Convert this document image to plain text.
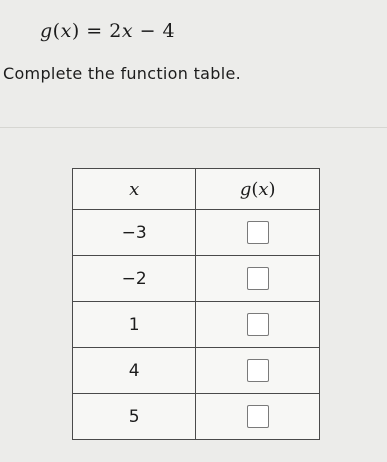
g(x) = 2x − 4
Complete the function table.
x	g(x)
−3	
−2	
1	
4	
5	
